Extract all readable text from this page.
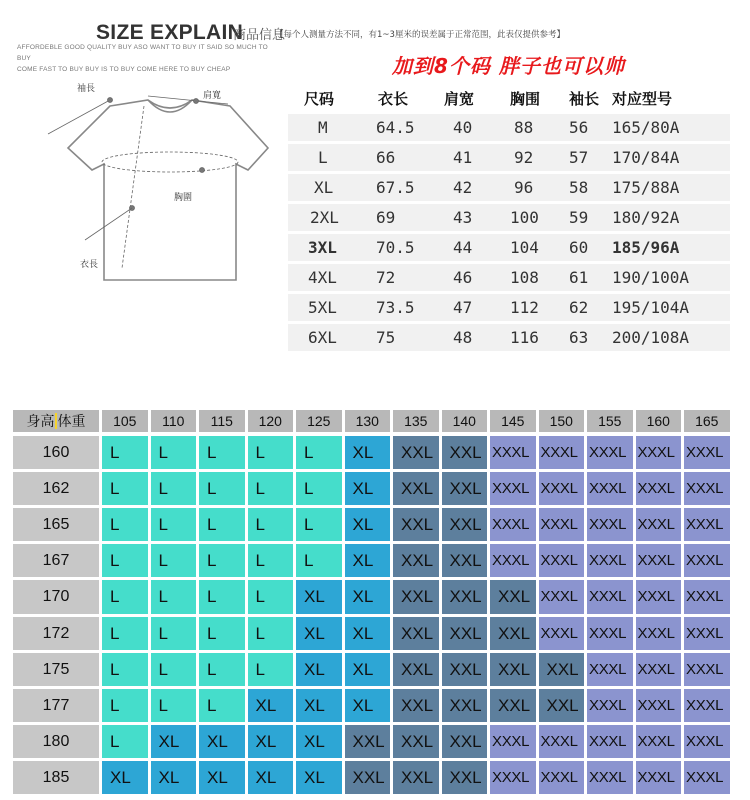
SIZE EXPLAIN
商品信息
【每个人测量方法不同，有1~3厘米的误差属于正常范围，此表仅提供参考】
AFFORDEBLE GOOD QUALITY BUY ASO WANT TO BUY IT SAID SO MUCH TO BUY
COME FAST TO BUY BUY IS TO BUY COME HERE TO BUY CHEAP	加到8个码 胖子也可以帅
袖長
肩寬
胸圍
衣長
尺码	衣长 肩宽 胸围 袖长 对应型号
M	64.5 40	88 56 165/80A
L	66	41	92 57 170/84A
XL	67.5 42	96 58 175/88A
2XL 69	43 100 59 180/92A
3XL 70.5 44 104 60 185/96A
4XL 72	46 108 61 190/100A
5XL 73.5 47 112 62 195/104A
6XL 75	48 116 63 200/108A
身高 体重	105	110	115	120	125	130	135	140	145	150	155	160	165
160	L	L	L	L	L	XL	XXL XXL XXXL XXXL XXXL XXXL XXXL
162	L	L	L	L	L	XL	XXL XXL XXXL XXXL XXXL XXXL XXXL
165	L	L	L	L	L	XL	XXL XXL XXXL XXXL XXXL XXXL XXXL
167	L	L	L	L	L	XL	XXL XXL XXXL XXXL XXXL XXXL XXXL
170	L	L	L	L	XL	XL	XXL XXL XXL XXXL XXXL XXXL XXXL
172	L	L	L	L	XL	XL	XXL XXL XXL XXXL XXXL XXXL XXXL
175	L	L	L	L	XL	XL	XXL XXL XXL XXL XXXL XXXL XXXL
177	L	L	L	XL	XL	XL	XXL XXL XXL XXL XXXL XXXL XXXL
180	L	XL	XL	XL	XL	XXL XXL XXL XXXL XXXL XXXL XXXL XXXL
185	XL	XL	XL	XL	XL	XXL XXL XXL XXXL XXXL XXXL XXXL XXXL
